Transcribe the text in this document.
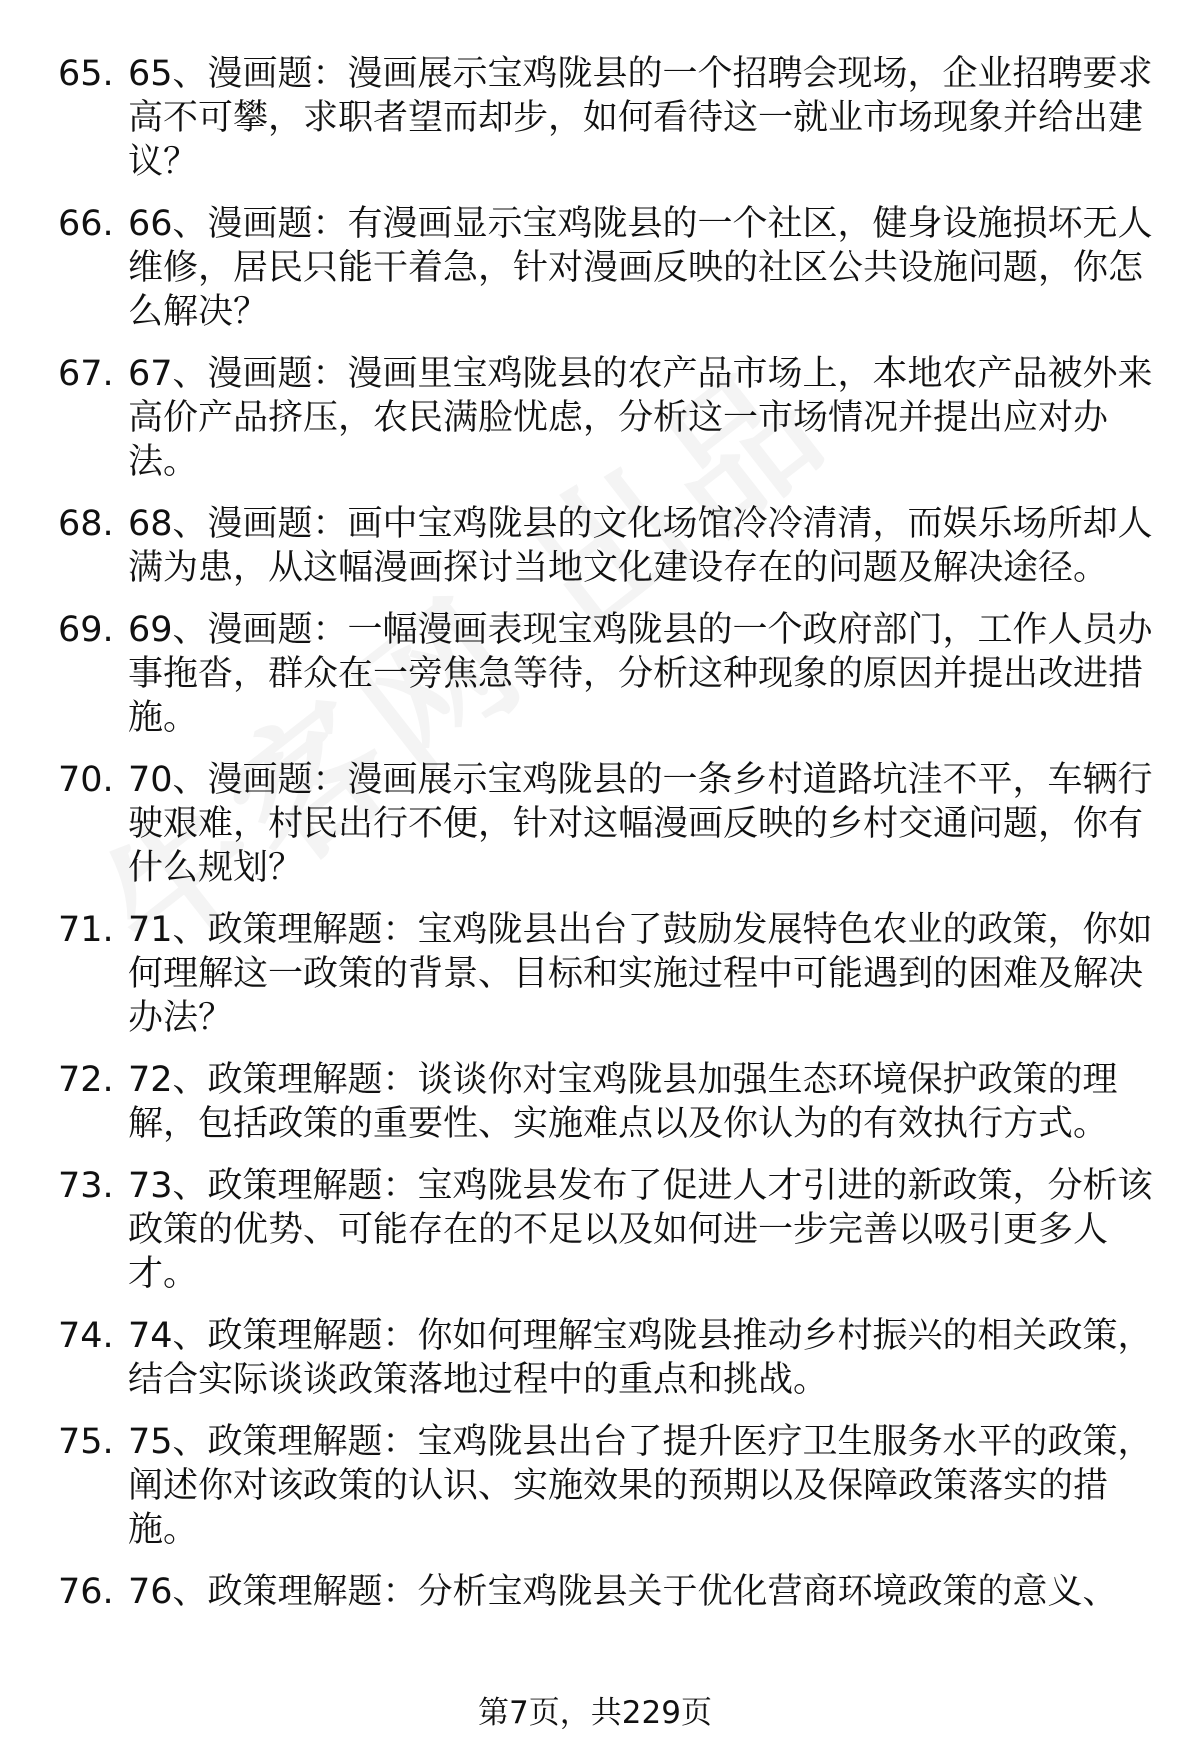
65. 65、漫画题：漫画展示宝鸡陇县的一个招聘会现场，企业招聘要求高不可攀，求职者望而却步，如何看待这一就业市场现象并给出建议？
66. 66、漫画题：有漫画显示宝鸡陇县的一个社区，健身设施损坏无人维修，居民只能干着急，针对漫画反映的社区公共设施问题，你怎么解决？
67. 67、漫画题：漫画里宝鸡陇县的农产品市场上，本地农产品被外来高价产品挤压，农民满脸忧虑，分析这一市场情况并提出应对办法。
68. 68、漫画题：画中宝鸡陇县的文化场馆冷冷清清，而娱乐场所却人满为患，从这幅漫画探讨当地文化建设存在的问题及解决途径。
69. 69、漫画题：一幅漫画表现宝鸡陇县的一个政府部门，工作人员办事拖沓，群众在一旁焦急等待，分析这种现象的原因并提出改进措施。
70. 70、漫画题：漫画展示宝鸡陇县的一条乡村道路坑洼不平，车辆行驶艰难，村民出行不便，针对这幅漫画反映的乡村交通问题，你有什么规划？
71. 71、政策理解题：宝鸡陇县出台了鼓励发展特色农业的政策，你如何理解这一政策的背景、目标和实施过程中可能遇到的困难及解决办法？
72. 72、政策理解题：谈谈你对宝鸡陇县加强生态环境保护政策的理解，包括政策的重要性、实施难点以及你认为的有效执行方式。
73. 73、政策理解题：宝鸡陇县发布了促进人才引进的新政策，分析该政策的优势、可能存在的不足以及如何进一步完善以吸引更多人才。
74. 74、政策理解题：你如何理解宝鸡陇县推动乡村振兴的相关政策，结合实际谈谈政策落地过程中的重点和挑战。
75. 75、政策理解题：宝鸡陇县出台了提升医疗卫生服务水平的政策，阐述你对该政策的认识、实施效果的预期以及保障政策落实的措施。
76. 76、政策理解题：分析宝鸡陇县关于优化营商环境政策的意义、
第7页，共229页
